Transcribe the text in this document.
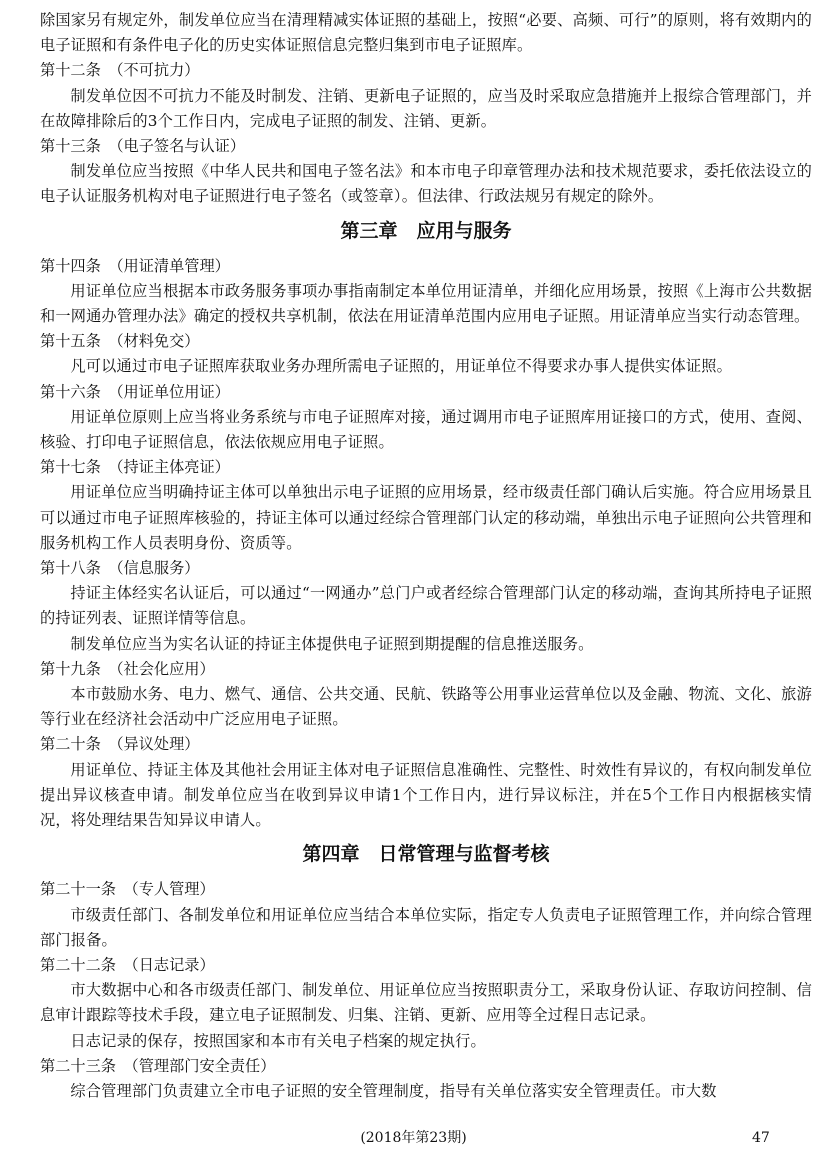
除国家另有规定外，制发单位应当在清理精减实体证照的基础上，按照“必要、高频、可行”的原则，将有效期内的电子证照和有条件电子化的历史实体证照信息完整归集到市电子证照库。
第十二条　（不可抗力）
制发单位因不可抗力不能及时制发、注销、更新电子证照的，应当及时采取应急措施并上报综合管理部门，并在故障排除后的3个工作日内，完成电子证照的制发、注销、更新。
第十三条　（电子签名与认证）
制发单位应当按照《中华人民共和国电子签名法》和本市电子印章管理办法和技术规范要求，委托依法设立的电子认证服务机构对电子证照进行电子签名（或签章）。但法律、行政法规另有规定的除外。
第三章　应用与服务
第十四条　（用证清单管理）
用证单位应当根据本市政务服务事项办事指南制定本单位用证清单，并细化应用场景，按照《上海市公共数据和一网通办管理办法》确定的授权共享机制，依法在用证清单范围内应用电子证照。用证清单应当实行动态管理。
第十五条　（材料免交）
凡可以通过市电子证照库获取业务办理所需电子证照的，用证单位不得要求办事人提供实体证照。
第十六条　（用证单位用证）
用证单位原则上应当将业务系统与市电子证照库对接，通过调用市电子证照库用证接口的方式，使用、查阅、核验、打印电子证照信息，依法依规应用电子证照。
第十七条　（持证主体亮证）
用证单位应当明确持证主体可以单独出示电子证照的应用场景，经市级责任部门确认后实施。符合应用场景且可以通过市电子证照库核验的，持证主体可以通过经综合管理部门认定的移动端，单独出示电子证照向公共管理和服务机构工作人员表明身份、资质等。
第十八条　（信息服务）
持证主体经实名认证后，可以通过“一网通办”总门户或者经综合管理部门认定的移动端，查询其所持电子证照的持证列表、证照详情等信息。
制发单位应当为实名认证的持证主体提供电子证照到期提醒的信息推送服务。
第十九条　（社会化应用）
本市鼓励水务、电力、燃气、通信、公共交通、民航、铁路等公用事业运营单位以及金融、物流、文化、旅游等行业在经济社会活动中广泛应用电子证照。
第二十条　（异议处理）
用证单位、持证主体及其他社会用证主体对电子证照信息准确性、完整性、时效性有异议的，有权向制发单位提出异议核查申请。制发单位应当在收到异议申请1个工作日内，进行异议标注，并在5个工作日内根据核实情况，将处理结果告知异议申请人。
第四章　日常管理与监督考核
第二十一条　（专人管理）
市级责任部门、各制发单位和用证单位应当结合本单位实际，指定专人负责电子证照管理工作，并向综合管理部门报备。
第二十二条　（日志记录）
市大数据中心和各市级责任部门、制发单位、用证单位应当按照职责分工，采取身份认证、存取访问控制、信息审计跟踪等技术手段，建立电子证照制发、归集、注销、更新、应用等全过程日志记录。
日志记录的保存，按照国家和本市有关电子档案的规定执行。
第二十三条　（管理部门安全责任）
综合管理部门负责建立全市电子证照的安全管理制度，指导有关单位落实安全管理责任。市大数
(2018年第23期)	47
